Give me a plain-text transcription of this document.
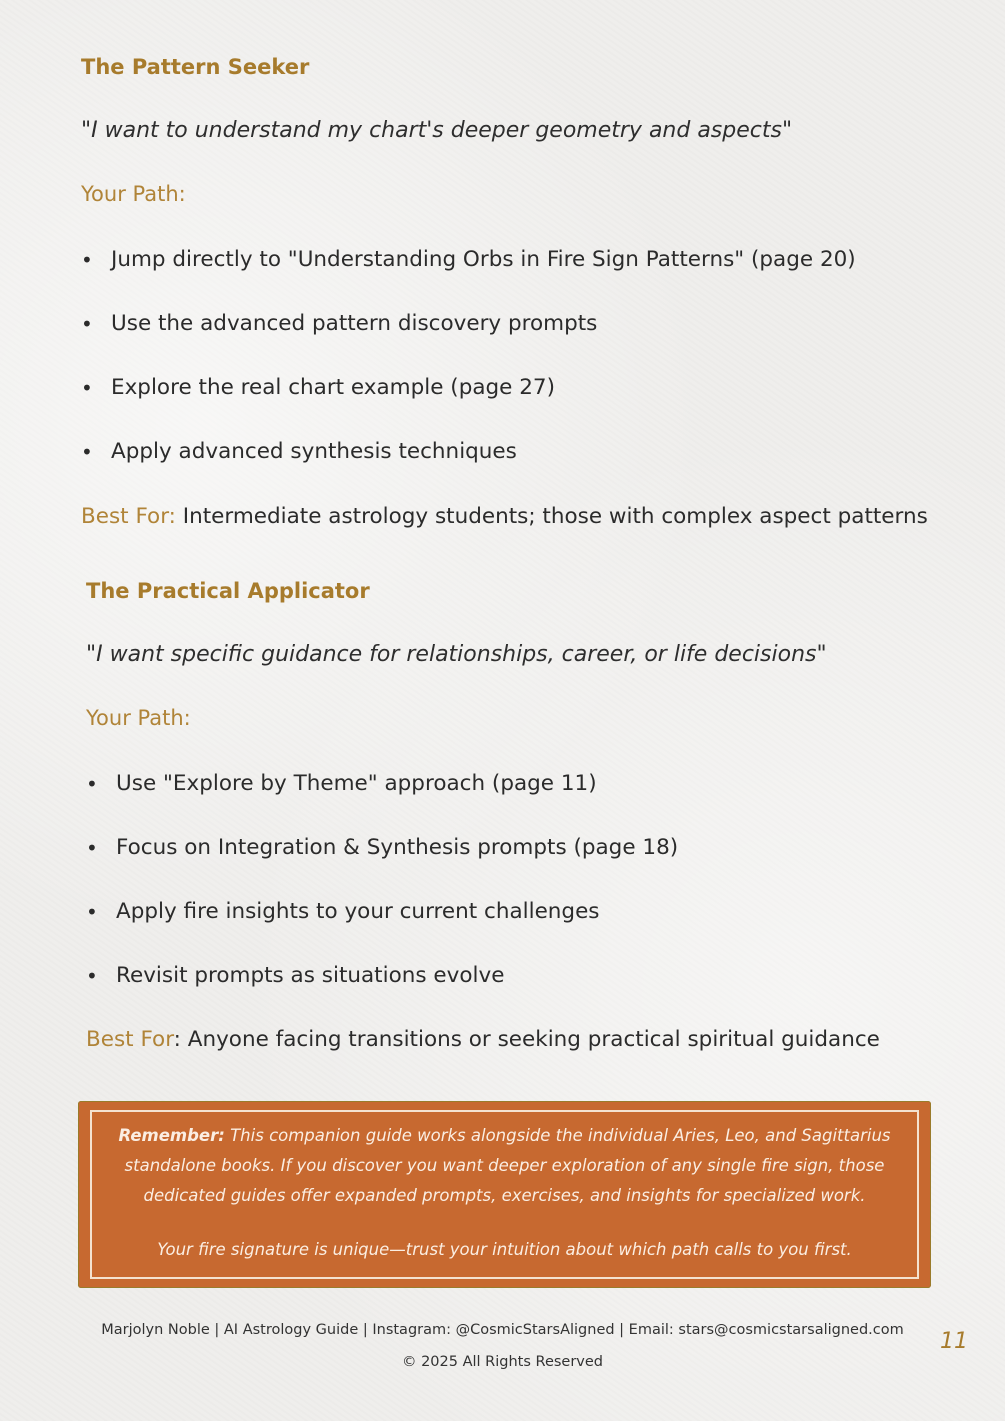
The Pattern Seeker
"I want to understand my chart's deeper geometry and aspects"
Your Path:
• Jump directly to "Understanding Orbs in Fire Sign Patterns" (page 20)
• Use the advanced pattern discovery prompts
• Explore the real chart example (page 27)
• Apply advanced synthesis techniques
Best For: Intermediate astrology students; those with complex aspect patterns
The Practical Applicator
"I want specific guidance for relationships, career, or life decisions"
Your Path:
• Use "Explore by Theme" approach (page 11)
• Focus on Integration & Synthesis prompts (page 18)
• Apply fire insights to your current challenges
• Revisit prompts as situations evolve
Best For: Anyone facing transitions or seeking practical spiritual guidance

Remember: This companion guide works alongside the individual Aries, Leo, and Sagittarius

standalone books. If you discover you want deeper exploration of any single fire sign, those

dedicated guides offer expanded prompts, exercises, and insights for specialized work.

Your fire signature is unique—trust your intuition about which path calls to you first.

Marjolyn Noble | AI Astrology Guide | Instagram: @CosmicStarsAligned | Email: stars@cosmicstarsaligned.com
© 2025 All Rights Reserved
11
